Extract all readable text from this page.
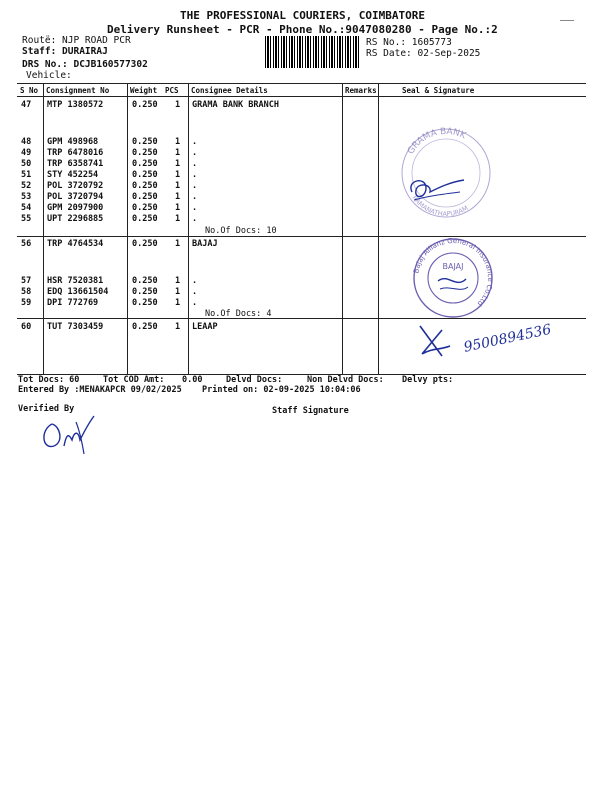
THE PROFESSIONAL COURIERS, COIMBATORE
Delivery Runsheet - PCR - Phone No.:9047080280 - Page No.:2
Routë: NJP ROAD PCR
Staff: DURAIRAJ
DRS No.: DCJB160577302
Vehicle:
RS No.: 1605773
RS Date: 02-Sep-2025
S No Consignment No	Weight PCS Consignee Details	Remarks	Seal & Signature
47 MTP 1380572	0.250 1 GRAMA BANK BRANCH
48 GPM 498968	0.250 1 .
49 TRP 6478016	0.250 1 .
50 TRP 6358741	0.250 1 .
51 STY 452254	0.250 1 .
52 POL 3720792	0.250 1 .
53 POL 3720794	0.250 1 .
54 GPM 2097900	0.250 1 .
55 UPT 2296885	0.250 1 .
No.Of Docs: 10
56 TRP 4764534	0.250 1 BAJAJ
57 HSR 7520381	0.250 1 .
58 EDQ 13661504	0.250 1 .
59 DPI 772769	0.250 1 .
No.Of Docs: 4
60 TUT 7303459	0.250 1 LEAAP
GRAMA BANK
RAMANATHAPURAM
Bajaj Allianz General Insurance Co.Ltd
BAJAJ
9500894536
Tot Docs: 60	Tot COD Amt: 0.00	Delvd Docs:	Non Delvd Docs: Delvy pts:
Entered By :MENAKAPCR 09/02/2025 Printed on: 02-09-2025 10:04:06
Verified By	Staff Signature
